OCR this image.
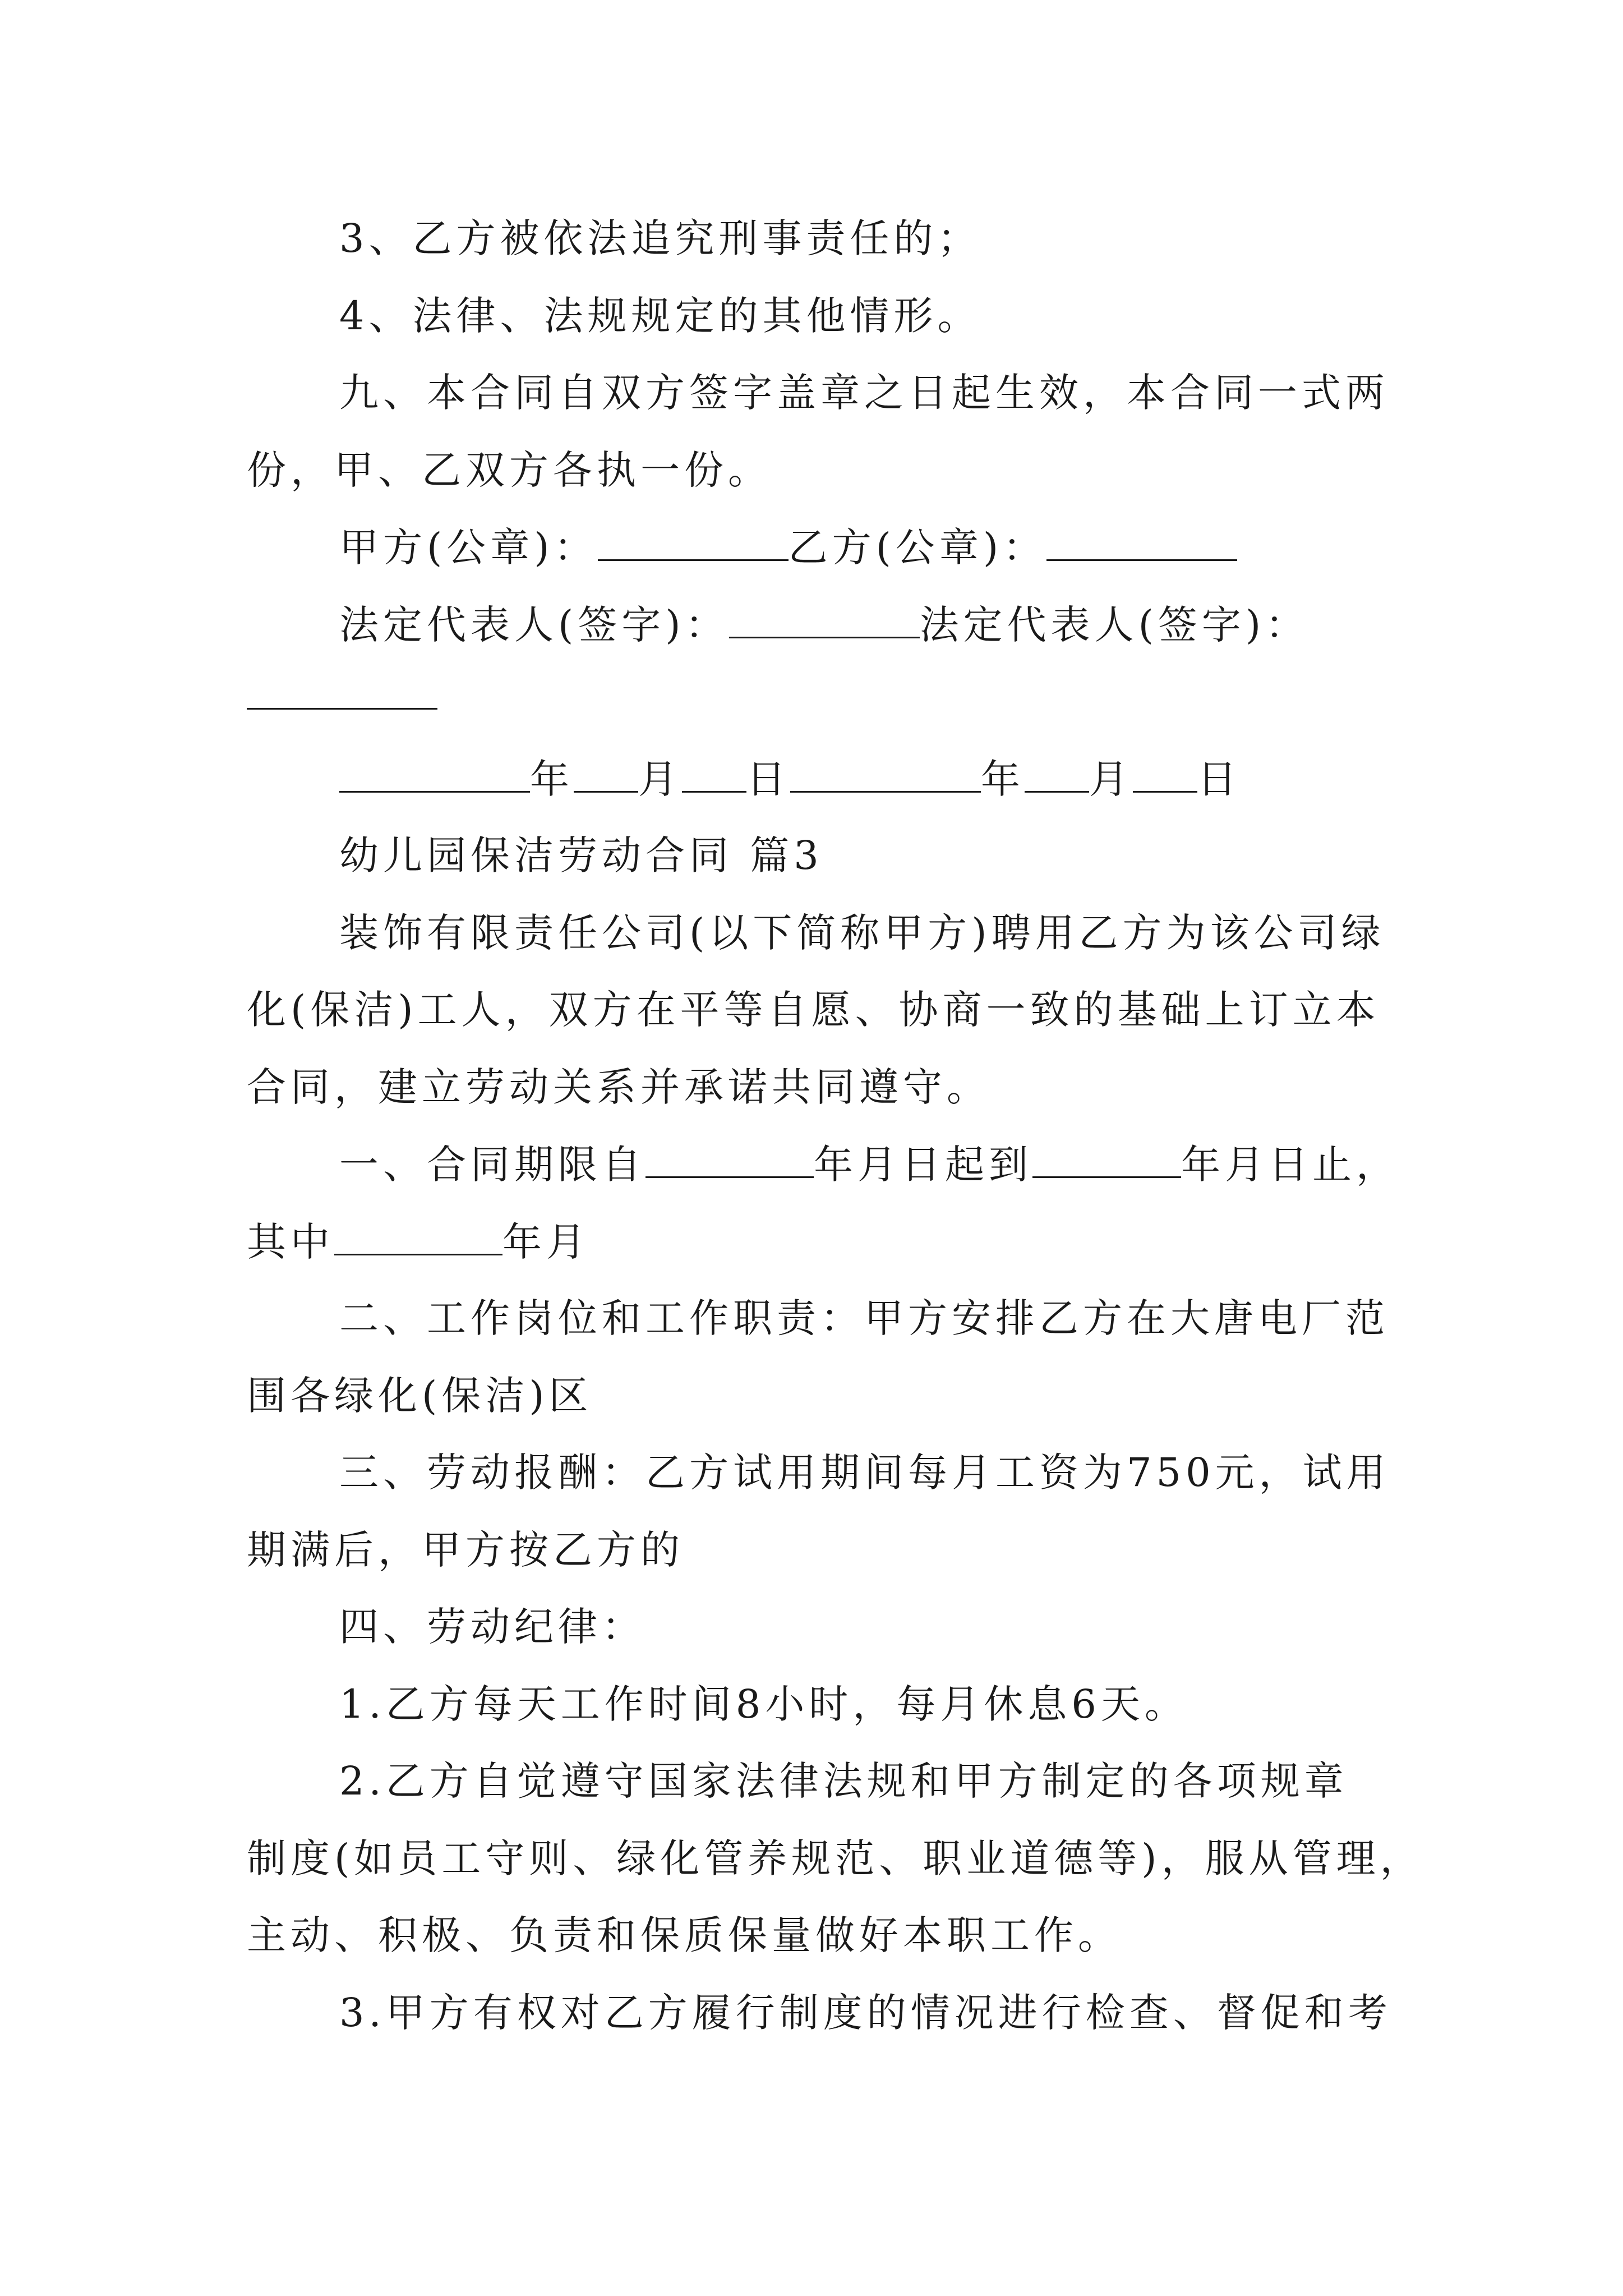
3、乙方被依法追究刑事责任的；
4、法律、法规规定的其他情形。
九、本合同自双方签字盖章之日起生效，本合同一式两
份，甲、乙双方各执一份。
甲方(公章)：	乙方(公章)：
法定代表人(签字)：	法定代表人(签字)：
年 月 日	年 月 日
幼儿园保洁劳动合同 篇3
装饰有限责任公司(以下简称甲方)聘用乙方为该公司绿
化(保洁)工人，双方在平等自愿、协商一致的基础上订立本
合同，建立劳动关系并承诺共同遵守。
一、合同期限自	年月日起到	年月日止，
其中	年月
二、工作岗位和工作职责：甲方安排乙方在大唐电厂范
围各绿化(保洁)区
三、劳动报酬：乙方试用期间每月工资为750元，试用
期满后，甲方按乙方的
四、劳动纪律：
1.乙方每天工作时间8小时，每月休息6天。
2.乙方自觉遵守国家法律法规和甲方制定的各项规章
制度(如员工守则、绿化管养规范、职业道德等)，服从管理，
主动、积极、负责和保质保量做好本职工作。
3.甲方有权对乙方履行制度的情况进行检查、督促和考
